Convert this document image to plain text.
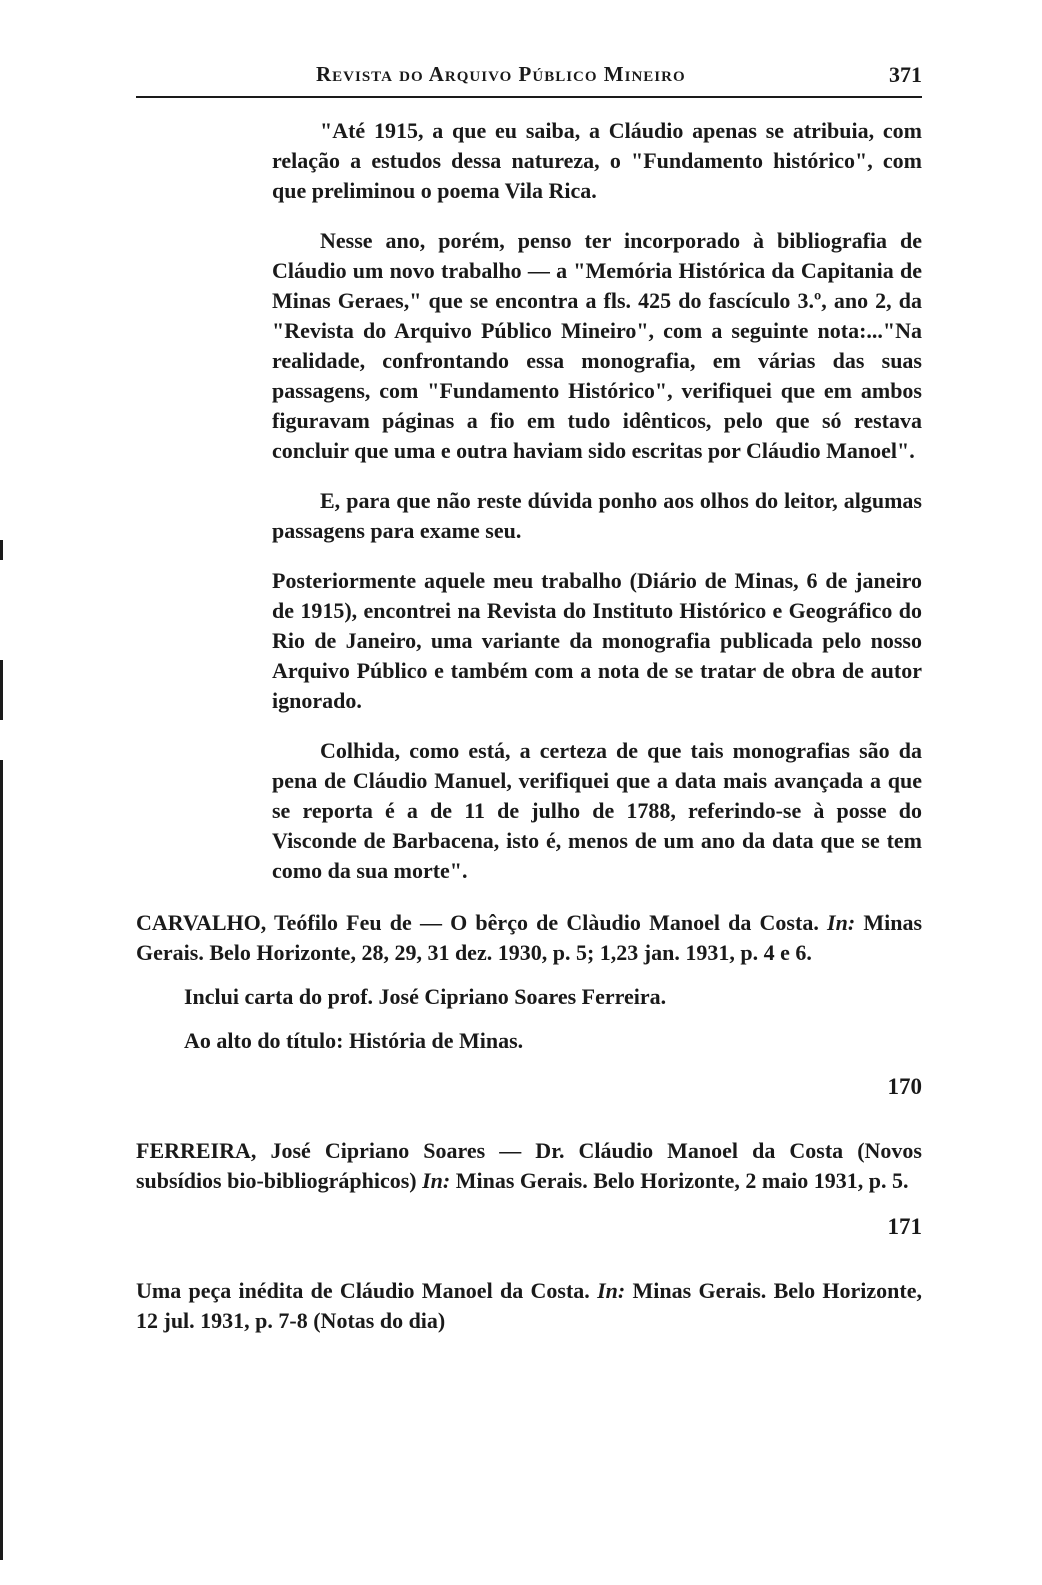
Revista do Arquivo Público Mineiro	371

"Até 1915, a que eu saiba, a Cláudio apenas se atribuia, com relação a estudos dessa natureza, o "Fundamento histórico", com que preliminou o poema Vila Rica.

Nesse ano, porém, penso ter incorporado à bibliografia de Cláudio um novo trabalho — a "Memória Histórica da Capitania de Minas Geraes," que se encontra a fls. 425 do fascículo 3.º, ano 2, da "Revista do Arquivo Público Mineiro", com a seguinte nota:..."Na realidade, confrontando essa monografia, em várias das suas passagens, com "Fundamento Histórico", verifiquei que em ambos figuravam páginas a fio em tudo idênticos, pelo que só restava concluir que uma e outra haviam sido escritas por Cláudio Manoel".

E, para que não reste dúvida ponho aos olhos do leitor, algumas passagens para exame seu.

Posteriormente aquele meu trabalho (Diário de Minas, 6 de janeiro de 1915), encontrei na Revista do Instituto Histórico e Geográfico do Rio de Janeiro, uma variante da monografia publicada pelo nosso Arquivo Público e também com a nota de se tratar de obra de autor ignorado.

Colhida, como está, a certeza de que tais monografias são da pena de Cláudio Manuel, verifiquei que a data mais avançada a que se reporta é a de 11 de julho de 1788, referindo-se à posse do Visconde de Barbacena, isto é, menos de um ano da data que se tem como da sua morte".

CARVALHO, Teófilo Feu de — O bêrço de Clàudio Manoel da Costa. In: Minas Gerais. Belo Horizonte, 28, 29, 31 dez. 1930, p. 5; 1,23 jan. 1931, p. 4 e 6.

Inclui carta do prof. José Cipriano Soares Ferreira.

Ao alto do título: História de Minas.

170

FERREIRA, José Cipriano Soares — Dr. Cláudio Manoel da Costa (Novos subsídios bio-bibliográphicos) In: Minas Gerais. Belo Horizonte, 2 maio 1931, p. 5.

171

Uma peça inédita de Cláudio Manoel da Costa. In: Minas Gerais. Belo Horizonte, 12 jul. 1931, p. 7-8 (Notas do dia)
